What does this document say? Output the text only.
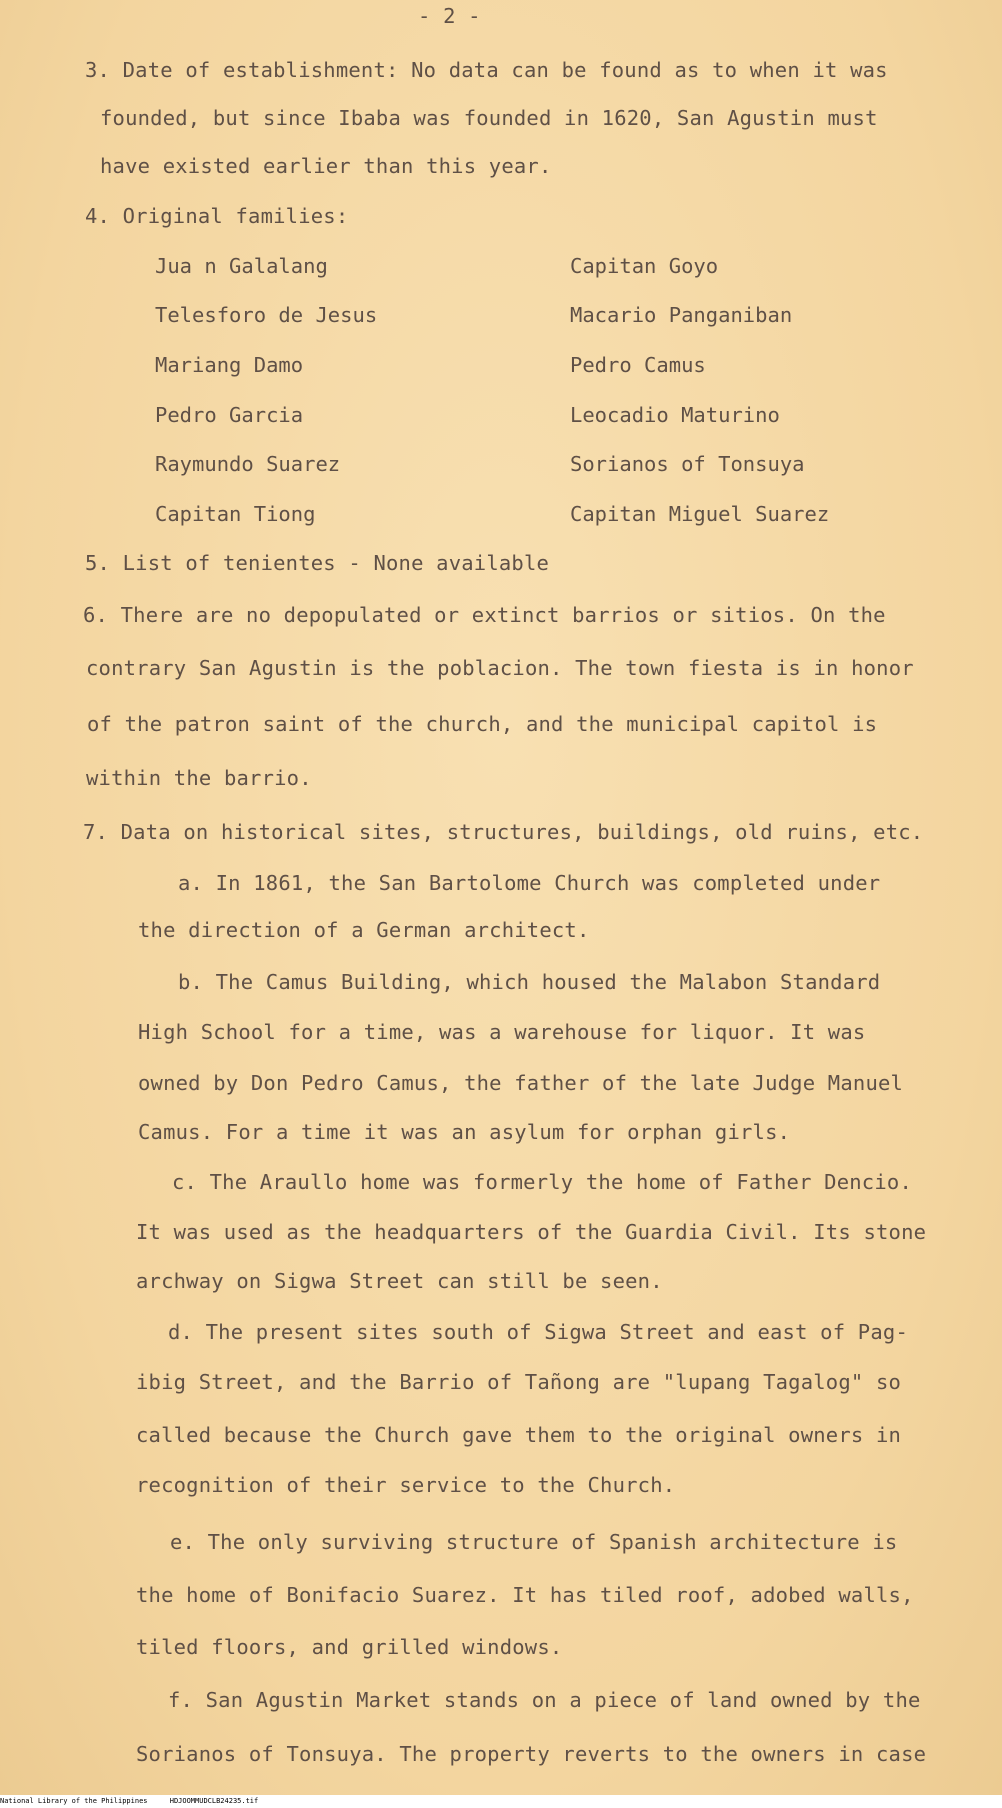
- 2 -
3. Date of establishment: No data can be found as to when it was
founded, but since Ibaba was founded in 1620, San Agustin must
have existed earlier than this year.
4. Original families:
Jua n Galalang
Telesforo de Jesus
Mariang Damo
Pedro Garcia
Raymundo Suarez
Capitan Tiong
Capitan Goyo
Macario Panganiban
Pedro Camus
Leocadio Maturino
Sorianos of Tonsuya
Capitan Miguel Suarez
5. List of tenientes - None available
6. There are no depopulated or extinct barrios or sitios. On the
contrary San Agustin is the poblacion. The town fiesta is in honor
of the patron saint of the church, and the municipal capitol is
within the barrio.
7. Data on historical sites, structures, buildings, old ruins, etc.
a. In 1861, the San Bartolome Church was completed under
the direction of a German architect.
b. The Camus Building, which housed the Malabon Standard
High School for a time, was a warehouse for liquor. It was
owned by Don Pedro Camus, the father of the late Judge Manuel
Camus. For a time it was an asylum for orphan girls.
c. The Araullo home was formerly the home of Father Dencio.
It was used as the headquarters of the Guardia Civil. Its stone
archway on Sigwa Street can still be seen.
d. The present sites south of Sigwa Street and east of Pag-
ibig Street, and the Barrio of Tañong are "lupang Tagalog" so
called because the Church gave them to the original owners in
recognition of their service to the Church.
e. The only surviving structure of Spanish architecture is
the home of Bonifacio Suarez. It has tiled roof, adobed walls,
tiled floors, and grilled windows.
f. San Agustin Market stands on a piece of land owned by the
Sorianos of Tonsuya. The property reverts to the owners in case
National Library of the Philippines	HDJOOMMUDCLB24235.tif
